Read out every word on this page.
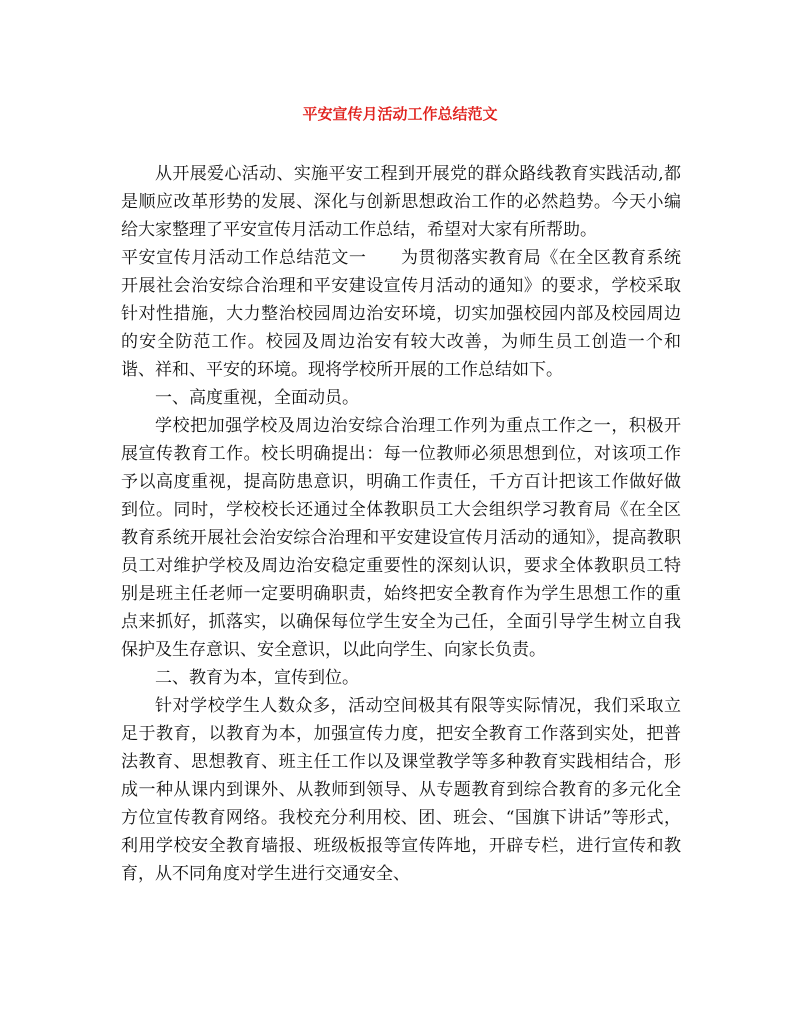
平安宣传月活动工作总结范文

从开展爱心活动、实施平安工程到开展党的群众路线教育实践活动,都是顺应改革形势的发展、深化与创新思想政治工作的必然趋势。今天小编给大家整理了平安宣传月活动工作总结，希望对大家有所帮助。

平安宣传月活动工作总结范文一 为贯彻落实教育局《在全区教育系统开展社会治安综合治理和平安建设宣传月活动的通知》的要求，学校采取针对性措施，大力整治校园周边治安环境，切实加强校园内部及校园周边的安全防范工作。校园及周边治安有较大改善，为师生员工创造一个和谐、祥和、平安的环境。现将学校所开展的工作总结如下。

一、高度重视，全面动员。

学校把加强学校及周边治安综合治理工作列为重点工作之一，积极开展宣传教育工作。校长明确提出：每一位教师必须思想到位，对该项工作予以高度重视，提高防患意识，明确工作责任，千方百计把该工作做好做到位。同时，学校校长还通过全体教职员工大会组织学习教育局《在全区教育系统开展社会治安综合治理和平安建设宣传月活动的通知》，提高教职员工对维护学校及周边治安稳定重要性的深刻认识，要求全体教职员工特别是班主任老师一定要明确职责，始终把安全教育作为学生思想工作的重点来抓好，抓落实，以确保每位学生安全为己任，全面引导学生树立自我保护及生存意识、安全意识，以此向学生、向家长负责。

二、教育为本，宣传到位。

针对学校学生人数众多，活动空间极其有限等实际情况，我们采取立足于教育，以教育为本，加强宣传力度，把安全教育工作落到实处，把普法教育、思想教育、班主任工作以及课堂教学等多种教育实践相结合，形成一种从课内到课外、从教师到领导、从专题教育到综合教育的多元化全方位宣传教育网络。我校充分利用校、团、班会、“国旗下讲话”等形式，利用学校安全教育墙报、班级板报等宣传阵地，开辟专栏，进行宣传和教育，从不同角度对学生进行交通安全、
